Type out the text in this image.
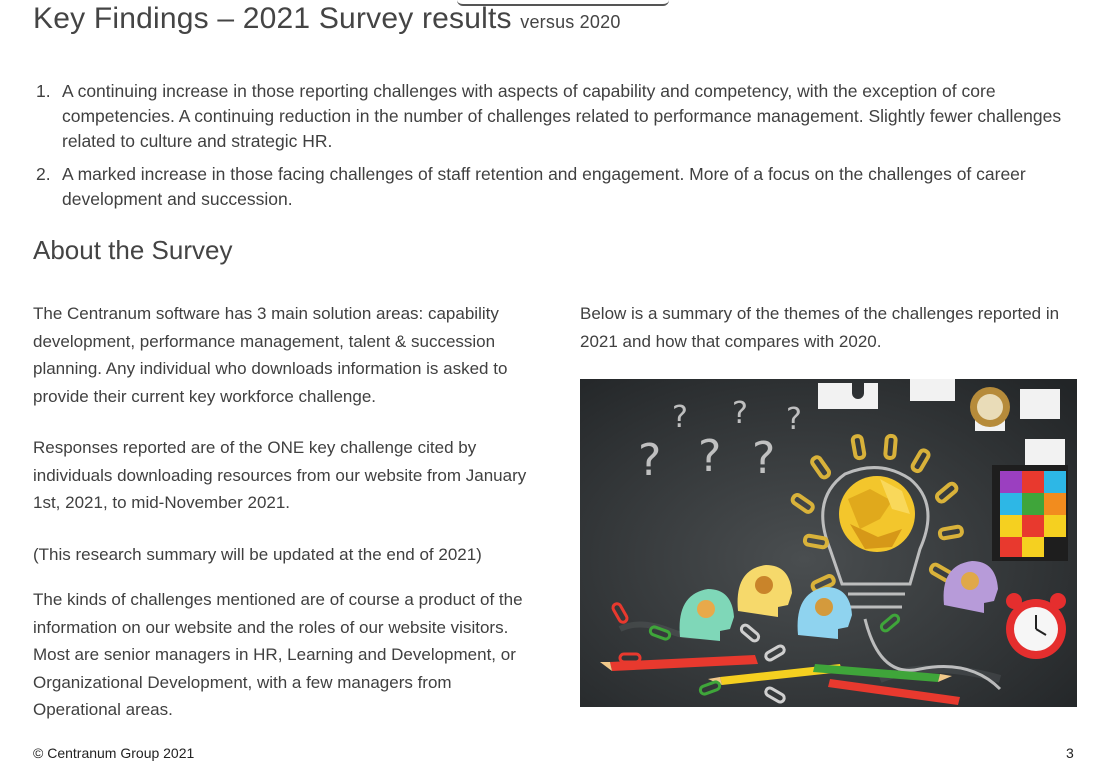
Key Findings – 2021 Survey results versus 2020
1. A continuing increase in those reporting challenges with aspects of capability and competency, with the exception of core competencies. A continuing reduction in the number of challenges related to performance management. Slightly fewer challenges related to culture and strategic HR.
2. A marked increase in those facing challenges of staff retention and engagement. More of a focus on the challenges of career development and succession.
About the Survey

The Centranum software has 3 main solution areas: capability development, performance management, talent & succession planning. Any individual who downloads information is asked to provide their current key workforce challenge.

Responses reported are of the ONE key challenge cited by individuals downloading resources from our website from January 1st, 2021, to mid-November 2021.

(This research summary will be updated at the end of 2021)

The kinds of challenges mentioned are of course a product of the information on our website and the roles of our website visitors. Most are senior managers in HR, Learning and Development, or Organizational Development, with a few managers from Operational areas.

Below is a summary of the themes of the challenges reported in 2021 and how that compares with 2020.

?
?
?
?
?
?
© Centranum Group 2021	3
